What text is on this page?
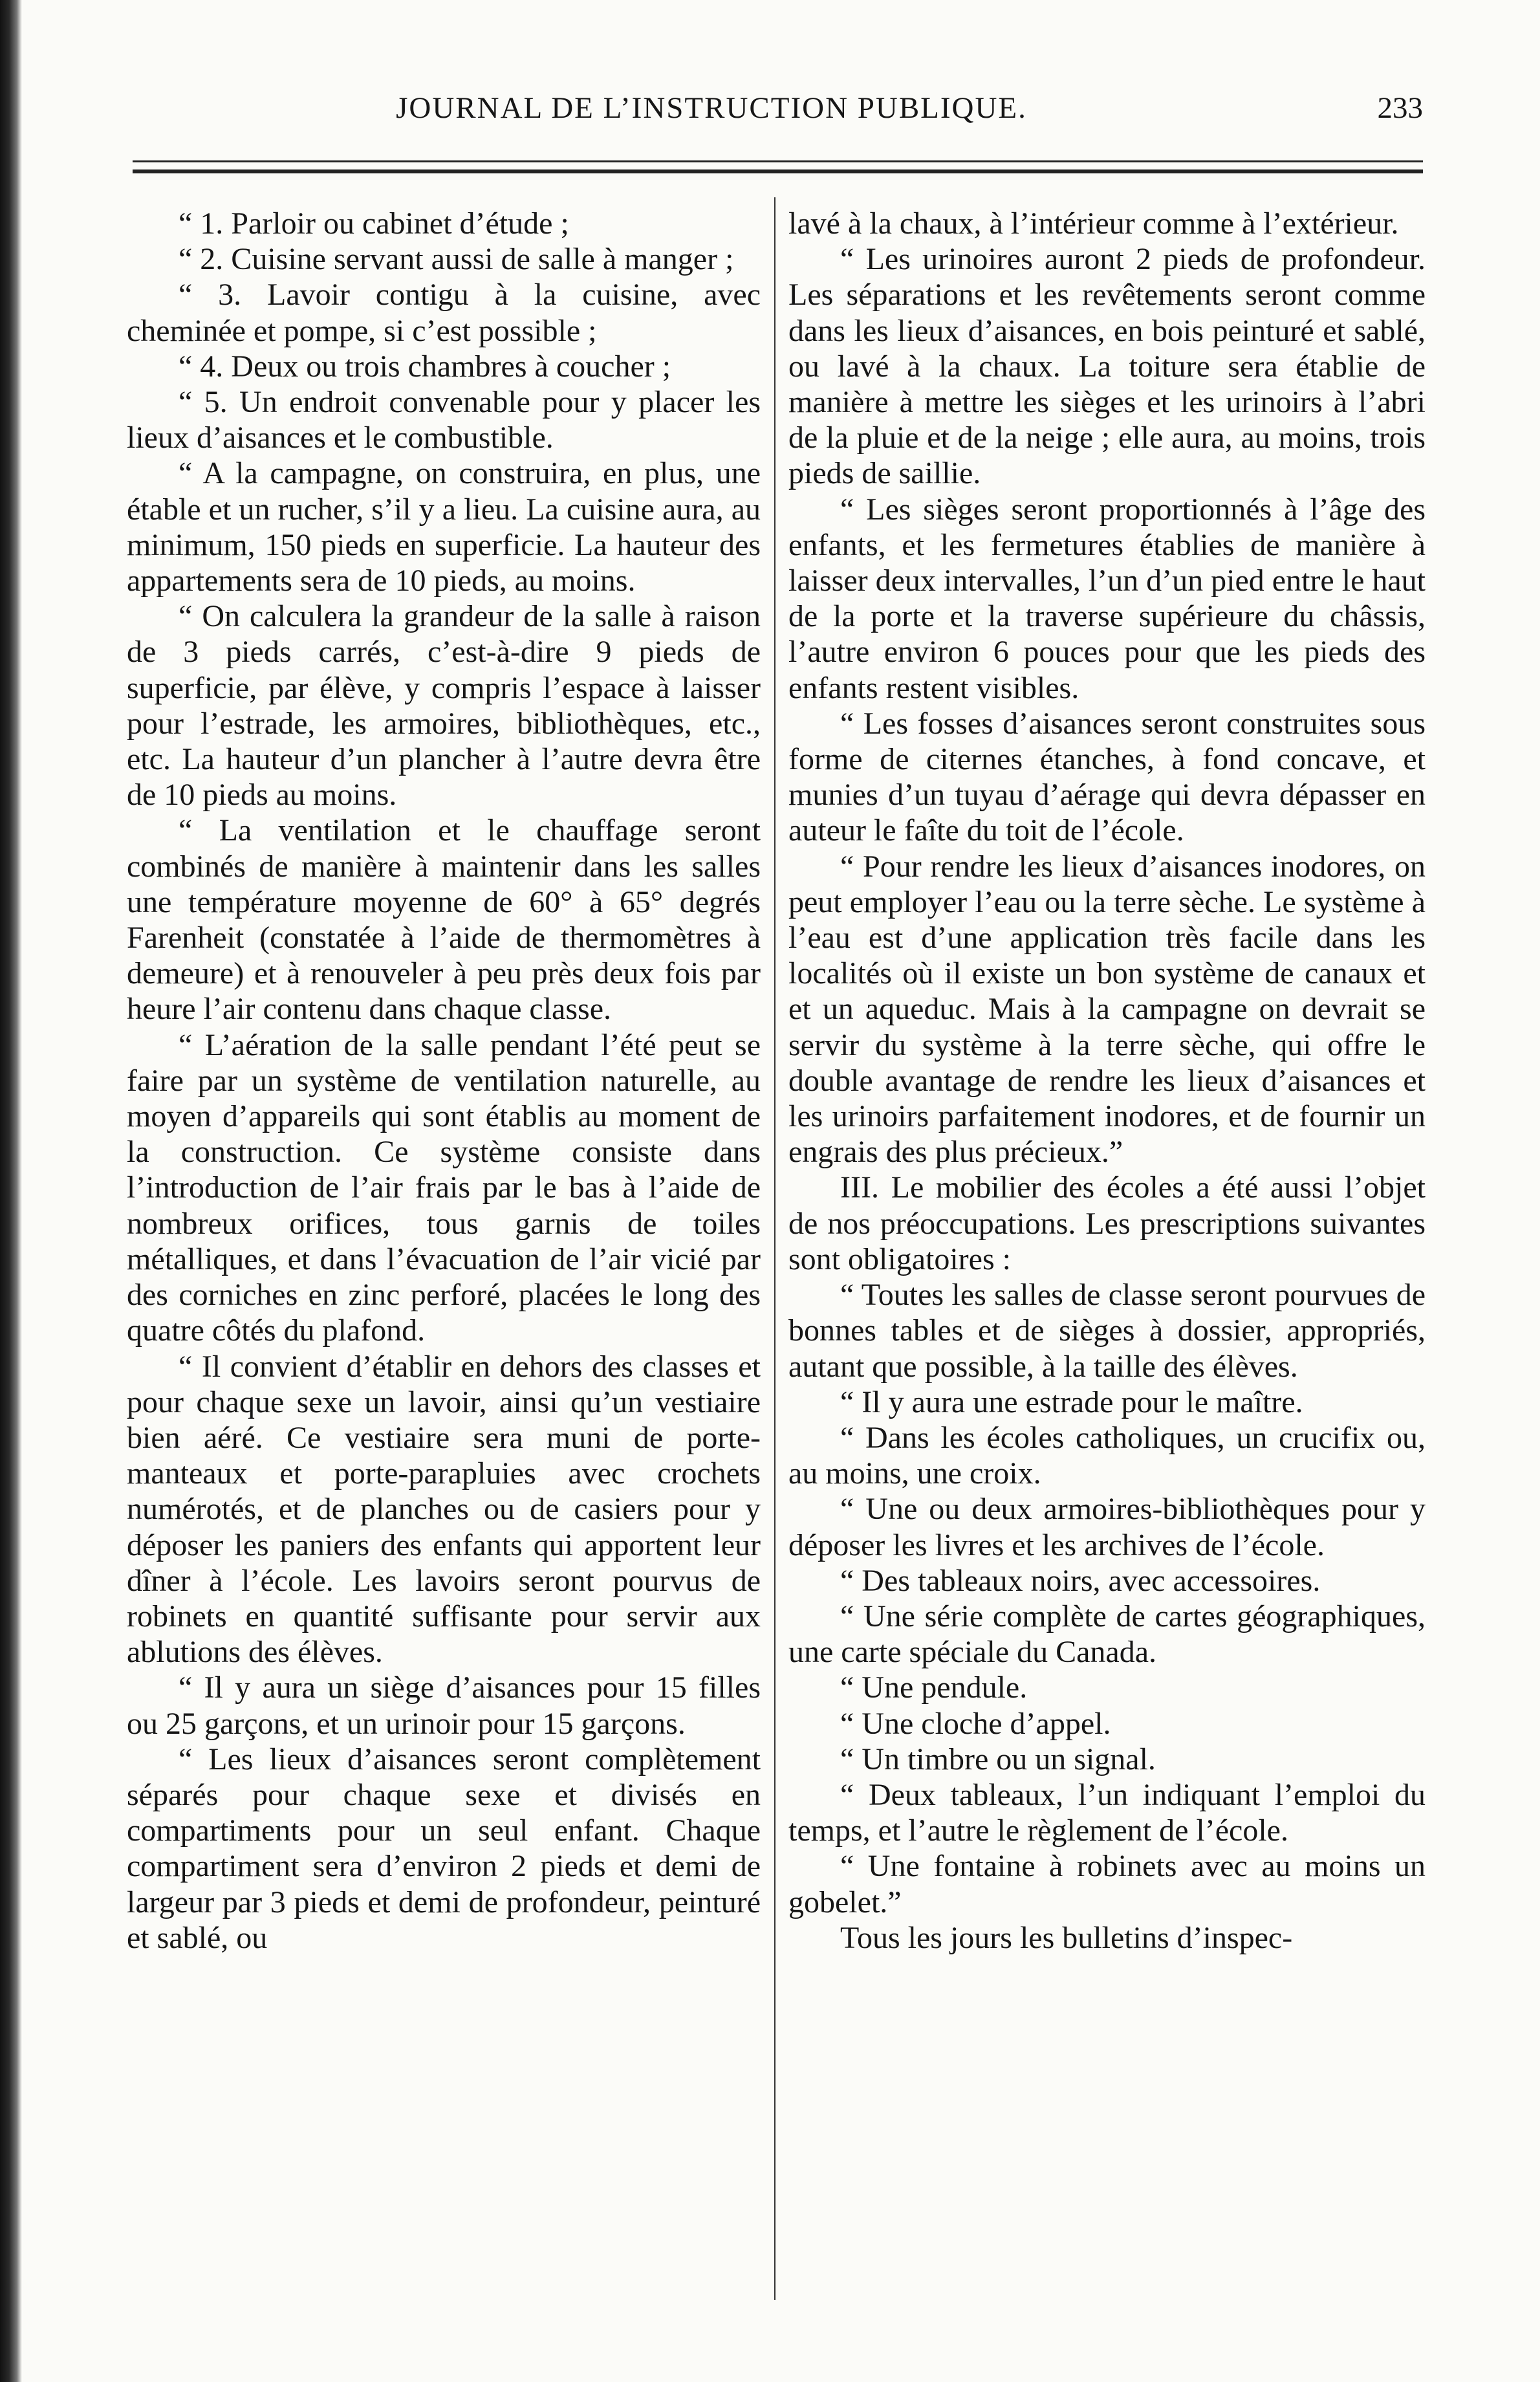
JOURNAL DE L’INSTRUCTION PUBLIQUE.	233

“ 1. Parloir ou cabinet d’étude ;

“ 2. Cuisine servant aussi de salle à manger ;

“ 3. Lavoir contigu à la cuisine, avec cheminée et pompe, si c’est possible ;

“ 4. Deux ou trois chambres à coucher ;

“ 5. Un endroit convenable pour y placer les lieux d’aisances et le combustible.

“ A la campagne, on construira, en plus, une étable et un rucher, s’il y a lieu. La cuisine aura, au minimum, 150 pieds en superficie. La hauteur des appartements sera de 10 pieds, au moins.

“ On calculera la grandeur de la salle à raison de 3 pieds carrés, c’est-à-dire 9 pieds de superficie, par élève, y compris l’espace à laisser pour l’estrade, les armoires, bibliothèques, etc., etc. La hauteur d’un plancher à l’autre devra être de 10 pieds au moins.

“ La ventilation et le chauffage seront combinés de manière à maintenir dans les salles une température moyenne de 60° à 65° degrés Farenheit (constatée à l’aide de thermomètres à demeure) et à renouveler à peu près deux fois par heure l’air contenu dans chaque classe.

“ L’aération de la salle pendant l’été peut se faire par un système de ventilation naturelle, au moyen d’appareils qui sont établis au moment de la construction. Ce système consiste dans l’introduction de l’air frais par le bas à l’aide de nombreux orifices, tous garnis de toiles métalliques, et dans l’évacuation de l’air vicié par des corniches en zinc perforé, placées le long des quatre côtés du plafond.

“ Il convient d’établir en dehors des classes et pour chaque sexe un lavoir, ainsi qu’un vestiaire bien aéré. Ce vestiaire sera muni de porte-manteaux et porte-parapluies avec crochets numérotés, et de planches ou de casiers pour y déposer les paniers des enfants qui apportent leur dîner à l’école. Les lavoirs seront pourvus de robinets en quantité suffisante pour servir aux ablutions des élèves.

“ Il y aura un siège d’aisances pour 15 filles ou 25 garçons, et un urinoir pour 15 garçons.

“ Les lieux d’aisances seront complètement séparés pour chaque sexe et divisés en compartiments pour un seul enfant. Chaque compartiment sera d’environ 2 pieds et demi de largeur par 3 pieds et demi de profondeur, peinturé et sablé, ou

lavé à la chaux, à l’intérieur comme à l’extérieur.

“ Les urinoires auront 2 pieds de profondeur. Les séparations et les revêtements seront comme dans les lieux d’aisances, en bois peinturé et sablé, ou lavé à la chaux. La toiture sera établie de manière à mettre les sièges et les urinoirs à l’abri de la pluie et de la neige ; elle aura, au moins, trois pieds de saillie.

“ Les sièges seront proportionnés à l’âge des enfants, et les fermetures établies de manière à laisser deux intervalles, l’un d’un pied entre le haut de la porte et la traverse supérieure du châssis, l’autre environ 6 pouces pour que les pieds des enfants restent visibles.

“ Les fosses d’aisances seront construites sous forme de citernes étanches, à fond concave, et munies d’un tuyau d’aérage qui devra dépasser en auteur le faîte du toit de l’école.

“ Pour rendre les lieux d’aisances inodores, on peut employer l’eau ou la terre sèche. Le système à l’eau est d’une application très facile dans les localités où il existe un bon système de canaux et et un aqueduc. Mais à la campagne on devrait se servir du système à la terre sèche, qui offre le double avantage de rendre les lieux d’aisances et les urinoirs parfaitement inodores, et de fournir un engrais des plus précieux.”

III. Le mobilier des écoles a été aussi l’objet de nos préoccupations. Les prescriptions suivantes sont obligatoires :

“ Toutes les salles de classe seront pourvues de bonnes tables et de sièges à dossier, appropriés, autant que possible, à la taille des élèves.

“ Il y aura une estrade pour le maître.

“ Dans les écoles catholiques, un crucifix ou, au moins, une croix.

“ Une ou deux armoires-bibliothèques pour y déposer les livres et les archives de l’école.

“ Des tableaux noirs, avec accessoires.

“ Une série complète de cartes géographiques, une carte spéciale du Canada.

“ Une pendule.

“ Une cloche d’appel.

“ Un timbre ou un signal.

“ Deux tableaux, l’un indiquant l’emploi du temps, et l’autre le règlement de l’école.

“ Une fontaine à robinets avec au moins un gobelet.”

Tous les jours les bulletins d’inspec-
